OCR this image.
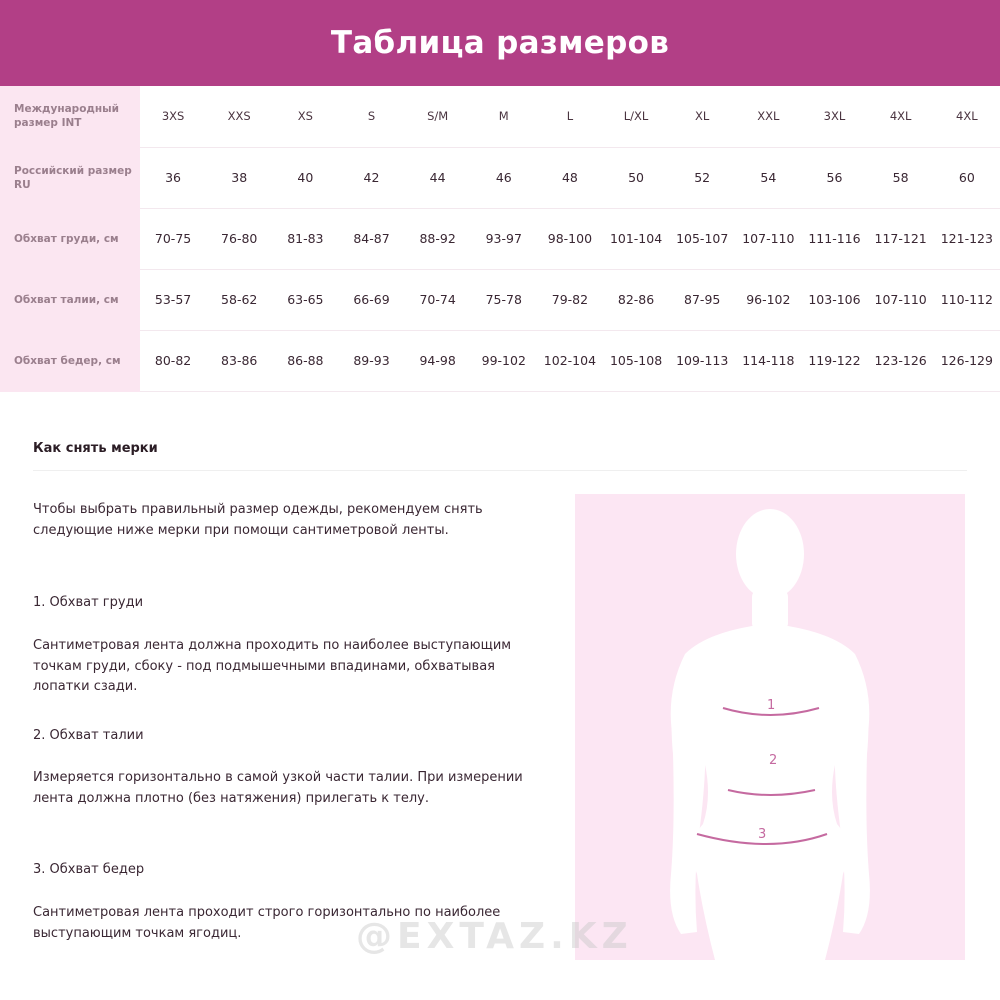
Таблица размеров
Международный размер INT	3XS	XXS	XS	S	S/M	M	L	L/XL	XL	XXL	3XL	4XL	4XL
Российский размер RU	36	38	40	42	44	46	48	50	52	54	56	58	60
Обхват груди, см	70-75	76-80	81-83	84-87	88-92	93-97	98-100	101-104	105-107	107-110	111-116	117-121	121-123
Обхват талии, см	53-57	58-62	63-65	66-69	70-74	75-78	79-82	82-86	87-95	96-102	103-106	107-110	110-112
Обхват бедер, см	80-82	83-86	86-88	89-93	94-98	99-102	102-104	105-108	109-113	114-118	119-122	123-126	126-129
Как снять мерки
Чтобы выбрать правильный размер одежды, рекомендуем снять следующие ниже мерки при помощи сантиметровой ленты.
1. Обхват груди
Сантиметровая лента должна проходить по наиболее выступающим точкам груди, сбоку - под подмышечными впадинами, обхватывая лопатки сзади.
2. Обхват талии
Измеряется горизонтально в самой узкой части талии. При измерении лента должна плотно (без натяжения) прилегать к телу.
3. Обхват бедер
Сантиметровая лента проходит строго горизонтально по наиболее выступающим точкам ягодиц.
1
2
3
@EXTAZ.KZ
